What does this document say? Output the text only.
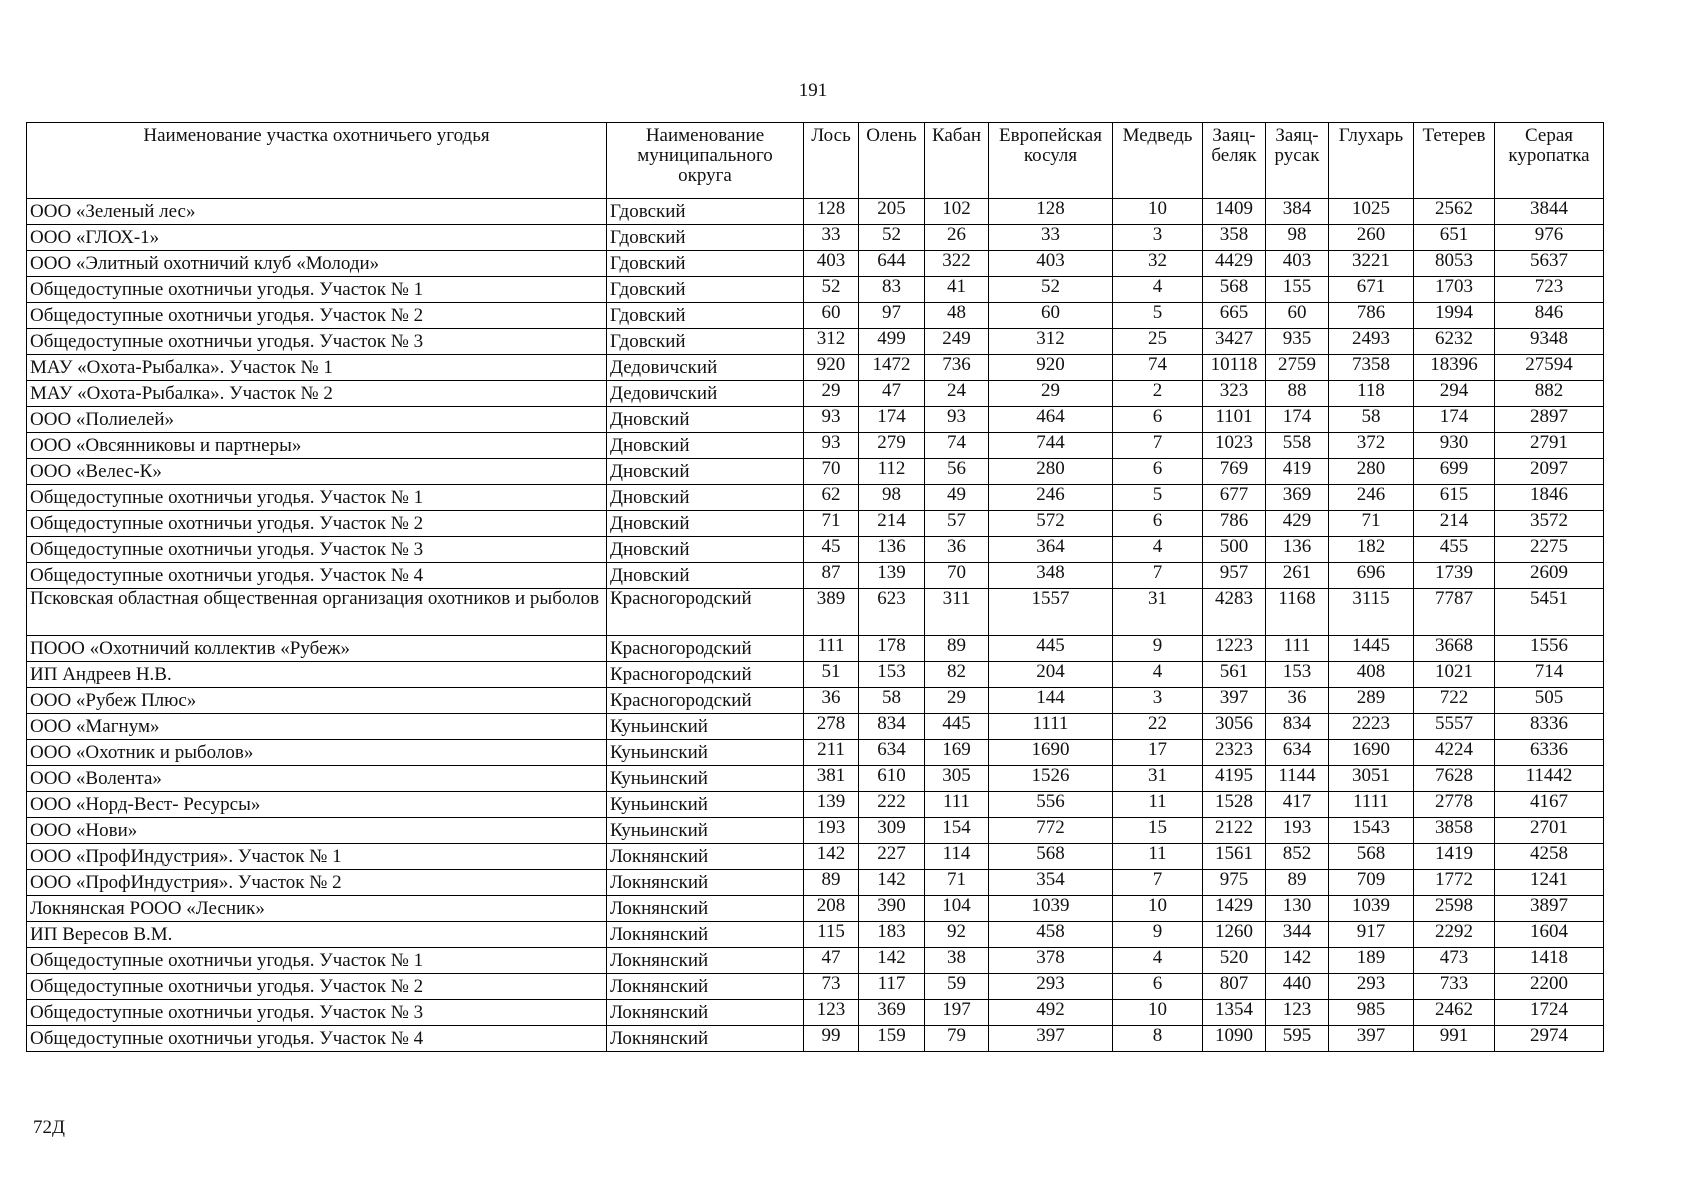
191
Наименование участка охотничьего угодья	Наименование муниципального округа	Лось	Олень	Кабан	Европейская косуля	Медведь	Заяц-беляк	Заяц-русак	Глухарь	Тетерев	Серая куропатка
ООО «Зеленый лес»	Гдовский	128	205	102	128	10	1409	384	1025	2562	3844
ООО «ГЛОХ-1»	Гдовский	33	52	26	33	3	358	98	260	651	976
ООО «Элитный охотничий клуб «Молоди»	Гдовский	403	644	322	403	32	4429	403	3221	8053	5637
Общедоступные охотничьи угодья. Участок № 1	Гдовский	52	83	41	52	4	568	155	671	1703	723
Общедоступные охотничьи угодья. Участок № 2	Гдовский	60	97	48	60	5	665	60	786	1994	846
Общедоступные охотничьи угодья. Участок № 3	Гдовский	312	499	249	312	25	3427	935	2493	6232	9348
МАУ «Охота-Рыбалка». Участок № 1	Дедовичский	920	1472	736	920	74	10118	2759	7358	18396	27594
МАУ «Охота-Рыбалка». Участок № 2	Дедовичский	29	47	24	29	2	323	88	118	294	882
ООО «Полиелей»	Дновский	93	174	93	464	6	1101	174	58	174	2897
ООО «Овсянниковы и партнеры»	Дновский	93	279	74	744	7	1023	558	372	930	2791
ООО «Велес-К»	Дновский	70	112	56	280	6	769	419	280	699	2097
Общедоступные охотничьи угодья. Участок № 1	Дновский	62	98	49	246	5	677	369	246	615	1846
Общедоступные охотничьи угодья. Участок № 2	Дновский	71	214	57	572	6	786	429	71	214	3572
Общедоступные охотничьи угодья. Участок № 3	Дновский	45	136	36	364	4	500	136	182	455	2275
Общедоступные охотничьи угодья. Участок № 4	Дновский	87	139	70	348	7	957	261	696	1739	2609
Псковская областная общественная организация охотников и рыболов	Красногородский	389	623	311	1557	31	4283	1168	3115	7787	5451
ПООО «Охотничий коллектив «Рубеж»	Красногородский	111	178	89	445	9	1223	111	1445	3668	1556
ИП Андреев Н.В.	Красногородский	51	153	82	204	4	561	153	408	1021	714
ООО «Рубеж Плюс»	Красногородский	36	58	29	144	3	397	36	289	722	505
ООО «Магнум»	Куньинский	278	834	445	1111	22	3056	834	2223	5557	8336
ООО «Охотник и рыболов»	Куньинский	211	634	169	1690	17	2323	634	1690	4224	6336
ООО «Волента»	Куньинский	381	610	305	1526	31	4195	1144	3051	7628	11442
ООО «Норд-Вест- Ресурсы»	Куньинский	139	222	111	556	11	1528	417	1111	2778	4167
ООО «Нови»	Куньинский	193	309	154	772	15	2122	193	1543	3858	2701
ООО «ПрофИндустрия». Участок № 1	Локнянский	142	227	114	568	11	1561	852	568	1419	4258
ООО «ПрофИндустрия». Участок № 2	Локнянский	89	142	71	354	7	975	89	709	1772	1241
Локнянская РООО «Лесник»	Локнянский	208	390	104	1039	10	1429	130	1039	2598	3897
ИП Вересов В.М.	Локнянский	115	183	92	458	9	1260	344	917	2292	1604
Общедоступные охотничьи угодья. Участок № 1	Локнянский	47	142	38	378	4	520	142	189	473	1418
Общедоступные охотничьи угодья. Участок № 2	Локнянский	73	117	59	293	6	807	440	293	733	2200
Общедоступные охотничьи угодья. Участок № 3	Локнянский	123	369	197	492	10	1354	123	985	2462	1724
Общедоступные охотничьи угодья. Участок № 4	Локнянский	99	159	79	397	8	1090	595	397	991	2974
72Д
